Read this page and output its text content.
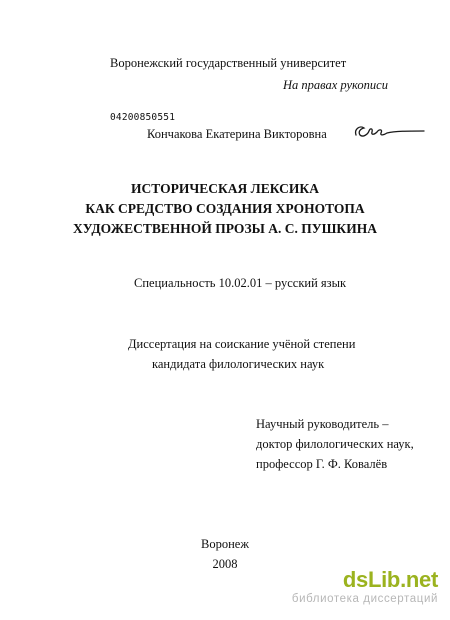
Воронежский государственный университет
На правах рукописи
04200850551
Кончакова Екатерина Викторовна
ИСТОРИЧЕСКАЯ ЛЕКСИКА
КАК СРЕДСТВО СОЗДАНИЯ ХРОНОТОПА
ХУДОЖЕСТВЕННОЙ ПРОЗЫ А. С. ПУШКИНА
Специальность 10.02.01 – русский язык
Диссертация на соискание учёной степени
кандидата филологических наук
Научный руководитель –
доктор филологических наук,
профессор Г. Ф. Ковалёв
Воронеж
2008
dsLib.net
библиотека диссертаций
